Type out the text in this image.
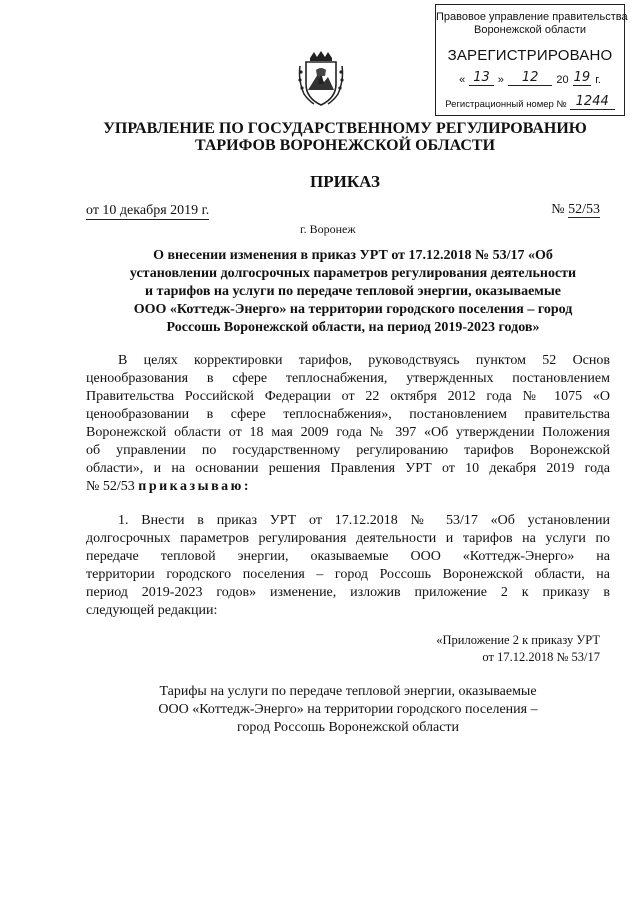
Правовое управление правительства
Воронежской области
ЗАРЕГИСТРИРОВАНО
« 13 »	12	20 19 г.
Регистрационный номер № 1244
УПРАВЛЕНИЕ ПО ГОСУДАРСТВЕННОМУ РЕГУЛИРОВАНИЮ
ТАРИФОВ ВОРОНЕЖСКОЙ ОБЛАСТИ
ПРИКАЗ
от 10 декабря 2019 г.	№ 52/53
г. Воронеж
О внесении изменения в приказ УРТ от 17.12.2018 № 53/17 «Об
установлении долгосрочных параметров регулирования деятельности
и тарифов на услуги по передаче тепловой энергии, оказываемые
ООО «Коттедж-Энерго» на территории городского поселения – город
Россошь Воронежской области, на период 2019-2023 годов»
В целях корректировки тарифов, руководствуясь пунктом 52 Основ
ценообразования в сфере теплоснабжения, утвержденных постановлением
Правительства Российской Федерации от 22 октября 2012 года № 1075 «О
ценообразовании в сфере теплоснабжения», постановлением правительства
Воронежской области от 18 мая 2009 года № 397 «Об утверждении Положения
об управлении по государственному регулированию тарифов Воронежской
области», и на основании решения Правления УРТ от 10 декабря 2019 года
№ 52/53 приказываю:
1. Внести в приказ УРТ от 17.12.2018 № 53/17 «Об установлении
долгосрочных параметров регулирования деятельности и тарифов на услуги по
передаче тепловой энергии, оказываемые ООО «Коттедж-Энерго» на
территории городского поселения – город Россошь Воронежской области, на
период 2019-2023 годов» изменение, изложив приложение 2 к приказу в
следующей редакции:
«Приложение 2 к приказу УРТ
от 17.12.2018 № 53/17
Тарифы на услуги по передаче тепловой энергии, оказываемые
ООО «Коттедж-Энерго» на территории городского поселения –
город Россошь Воронежской области
